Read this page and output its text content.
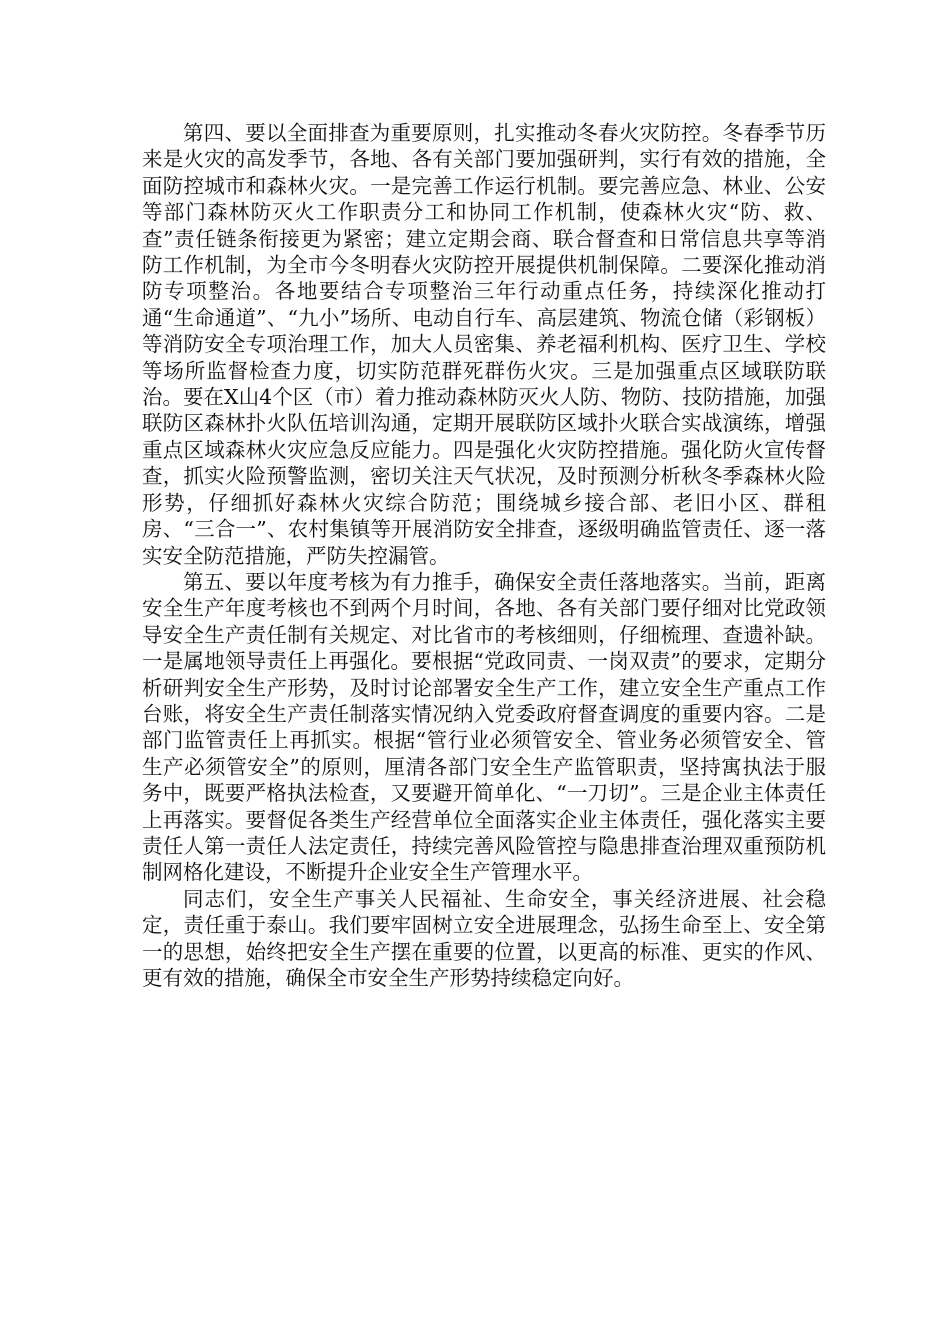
第四、要以全面排查为重要原则，扎实推动冬春火灾防控。冬春季节历来是火灾的高发季节，各地、各有关部门要加强研判，实行有效的措施，全面防控城市和森林火灾。一是完善工作运行机制。要完善应急、林业、公安等部门森林防灭火工作职责分工和协同工作机制，使森林火灾“防、救、查”责任链条衔接更为紧密；建立定期会商、联合督查和日常信息共享等消防工作机制，为全市今冬明春火灾防控开展提供机制保障。二要深化推动消防专项整治。各地要结合专项整治三年行动重点任务，持续深化推动打通“生命通道”、“九小”场所、电动自行车、高层建筑、物流仓储（彩钢板）等消防安全专项治理工作，加大人员密集、养老福利机构、医疗卫生、学校等场所监督检查力度，切实防范群死群伤火灾。三是加强重点区域联防联治。要在X山4个区（市）着力推动森林防灭火人防、物防、技防措施，加强联防区森林扑火队伍培训沟通，定期开展联防区域扑火联合实战演练，增强重点区域森林火灾应急反应能力。四是强化火灾防控措施。强化防火宣传督查，抓实火险预警监测，密切关注天气状况，及时预测分析秋冬季森林火险形势，仔细抓好森林火灾综合防范；围绕城乡接合部、老旧小区、群租房、“三合一”、农村集镇等开展消防安全排查，逐级明确监管责任、逐一落实安全防范措施，严防失控漏管。

第五、要以年度考核为有力推手，确保安全责任落地落实。当前，距离安全生产年度考核也不到两个月时间，各地、各有关部门要仔细对比党政领导安全生产责任制有关规定、对比省市的考核细则，仔细梳理、查遗补缺。一是属地领导责任上再强化。要根据“党政同责、一岗双责”的要求，定期分析研判安全生产形势，及时讨论部署安全生产工作，建立安全生产重点工作台账，将安全生产责任制落实情况纳入党委政府督查调度的重要内容。二是部门监管责任上再抓实。根据“管行业必须管安全、管业务必须管安全、管生产必须管安全”的原则，厘清各部门安全生产监管职责，坚持寓执法于服务中，既要严格执法检查，又要避开简单化、“一刀切”。三是企业主体责任上再落实。要督促各类生产经营单位全面落实企业主体责任，强化落实主要责任人第一责任人法定责任，持续完善风险管控与隐患排查治理双重预防机制网格化建设，不断提升企业安全生产管理水平。

同志们，安全生产事关人民福祉、生命安全，事关经济进展、社会稳定，责任重于泰山。我们要牢固树立安全进展理念，弘扬生命至上、安全第一的思想，始终把安全生产摆在重要的位置，以更高的标准、更实的作风、更有效的措施，确保全市安全生产形势持续稳定向好。
